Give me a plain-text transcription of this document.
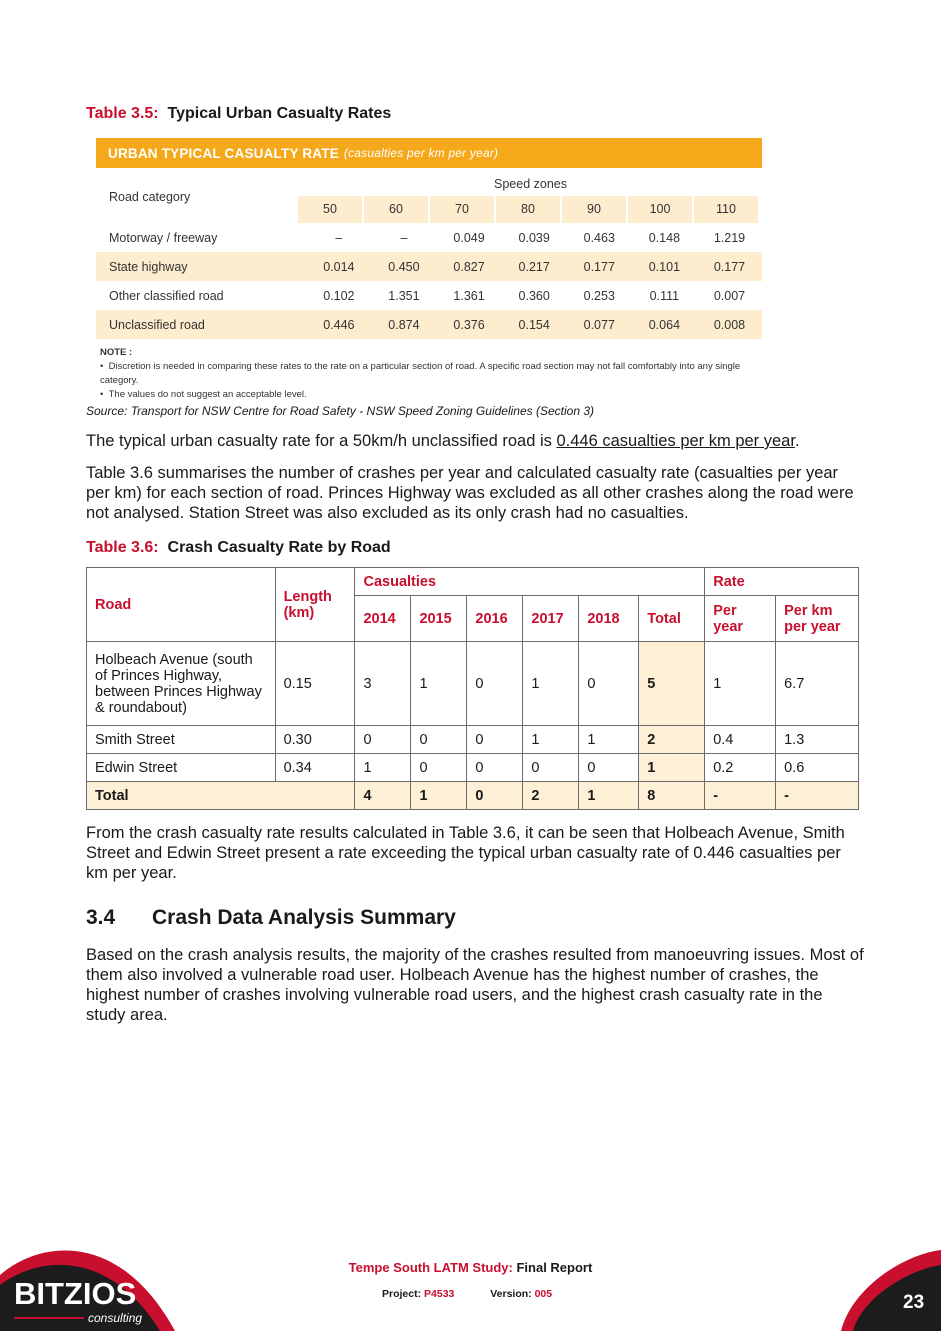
Table 3.5: Typical Urban Casualty Rates
URBAN TYPICAL CASUALTY RATE (casualties per km per year)
Road category
Speed zones
50	60	70	80	90	100	110
Motorway / freeway	–	–	0.049	0.039	0.463	0.148	1.219
State highway	0.014	0.450	0.827	0.217	0.177	0.101	0.177
Other classified road	0.102	1.351	1.361	0.360	0.253	0.111	0.007
Unclassified road	0.446	0.874	0.376	0.154	0.077	0.064	0.008
NOTE :
•  Discretion is needed in comparing these rates to the rate on a particular section of road. A specific road section may not fall comfortably into any single category.
•  The values do not suggest an acceptable level.
Source: Transport for NSW Centre for Road Safety - NSW Speed Zoning Guidelines (Section 3)
The typical urban casualty rate for a 50km/h unclassified road is 0.446 casualties per km per year.
Table 3.6 summarises the number of crashes per year and calculated casualty rate (casualties per year per km) for each section of road. Princes Highway was excluded as all other crashes along the road were not analysed. Station Street was also excluded as its only crash had no casualties.
Table 3.6: Crash Casualty Rate by Road
Road	Length (km)	Casualties						Rate	
		2014	2015	2016	2017	2018	Total	Per year	Per km per year
Holbeach Avenue (south of Princes Highway, between Princes Highway & roundabout)	0.15	3	1	0	1	0	5	1	6.7
Smith Street	0.30	0	0	0	1	1	2	0.4	1.3
Edwin Street	0.34	1	0	0	0	0	1	0.2	0.6
Total		4	1	0	2	1	8	-	-
From the crash casualty rate results calculated in Table 3.6, it can be seen that Holbeach Avenue, Smith Street and Edwin Street present a rate exceeding the typical urban casualty rate of 0.446 casualties per km per year.
3.4 Crash Data Analysis Summary
Based on the crash analysis results, the majority of the crashes resulted from manoeuvring issues. Most of them also involved a vulnerable road user. Holbeach Avenue has the highest number of crashes, the highest number of crashes involving vulnerable road users, and the highest crash casualty rate in the study area.
Tempe South LATM Study: Final Report
Project: P4533	Version: 005
BITZIOS
consulting
23
